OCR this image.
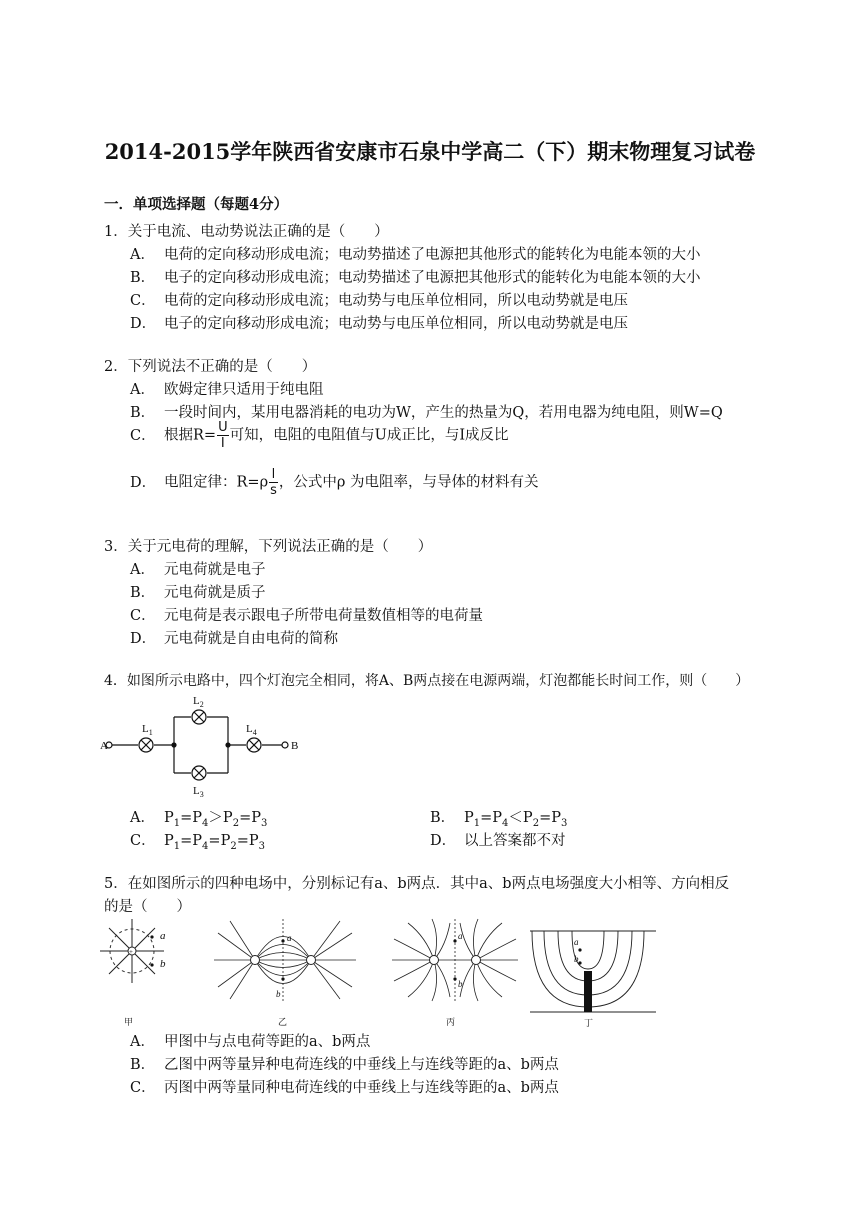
2014-2015学年陕西省安康市石泉中学高二（下）期末物理复习试卷
一．单项选择题（每题4分）
1．关于电流、电动势说法正确的是（　　）
A． 电荷的定向移动形成电流；电动势描述了电源把其他形式的能转化为电能本领的大小
B． 电子的定向移动形成电流；电动势描述了电源把其他形式的能转化为电能本领的大小
C． 电荷的定向移动形成电流；电动势与电压单位相同，所以电动势就是电压
D． 电子的定向移动形成电流；电动势与电压单位相同，所以电动势就是电压
2．下列说法不正确的是（　　）
A． 欧姆定律只适用于纯电阻
B． 一段时间内，某用电器消耗的电功为W，产生的热量为Q，若用电器为纯电阻，则W=Q
C． 根据$R= \frac{U}{I}$ 可知，电阻的电阻值与U成正比，与I成反比
D． 电阻定律：$R=\rho \frac{l}{s}$ ，公式中ρ 为电阻率，与导体的材料有关
3．关于元电荷的理解，下列说法正确的是（　　）
A． 元电荷就是电子
B． 元电荷就是质子
C． 元电荷是表示跟电子所带电荷量数值相等的电荷量
D． 元电荷就是自由电荷的简称
4．如图所示电路中，四个灯泡完全相同，将A、B两点接在电源两端，灯泡都能长时间工作，则（　　）
A	B
$L_1$
$L_2$
$L_3$
$L_4$
A． $P_1=P_4>P_2=P_3$	B． $P_1=P_4<P_2=P_3$
C． $P_1=P_4=P_2=P_3$	D． 以上答案都不对
5．在如图所示的四种电场中，分别标记有a、b两点．其中a、b两点电场强度大小相等、方向相反
的是（　　）
+
a
b
甲
a
b
乙
a
b
丙
a
b
丁
A． 甲图中与点电荷等距的a、b两点
B． 乙图中两等量异种电荷连线的中垂线上与连线等距的a、b两点
C． 丙图中两等量同种电荷连线的中垂线上与连线等距的a、b两点
